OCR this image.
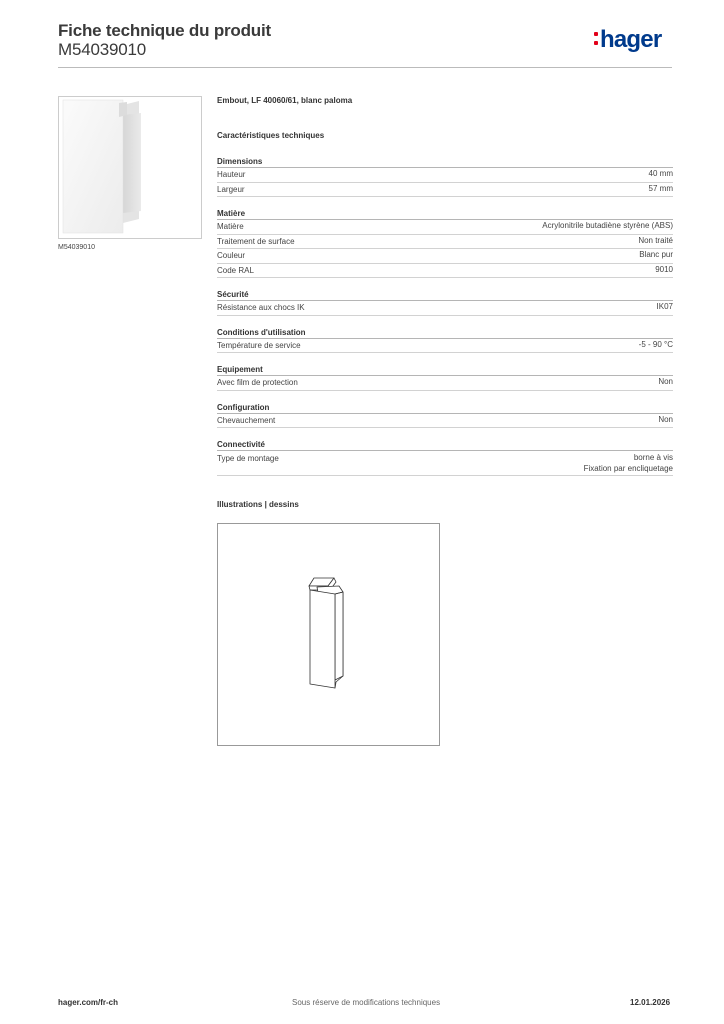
Fiche technique du produit
M54039010	hager
M54039010
Embout, LF 40060/61, blanc paloma
Caractéristiques techniques
Dimensions
Hauteur	40 mm
Largeur	57 mm
Matière
Matière	Acrylonitrile butadiène styrène (ABS)
Traitement de surface	Non traité
Couleur	Blanc pur
Code RAL	9010
Sécurité
Résistance aux chocs IK	IK07
Conditions d'utilisation
Température de service	-5 - 90 °C
Equipement
Avec film de protection	Non
Configuration
Chevauchement	Non
Connectivité
Type de montage	borne à vis
Fixation par encliquetage
Illustrations | dessins
hager.com/fr-ch	Sous réserve de modifications techniques	12.01.2026
